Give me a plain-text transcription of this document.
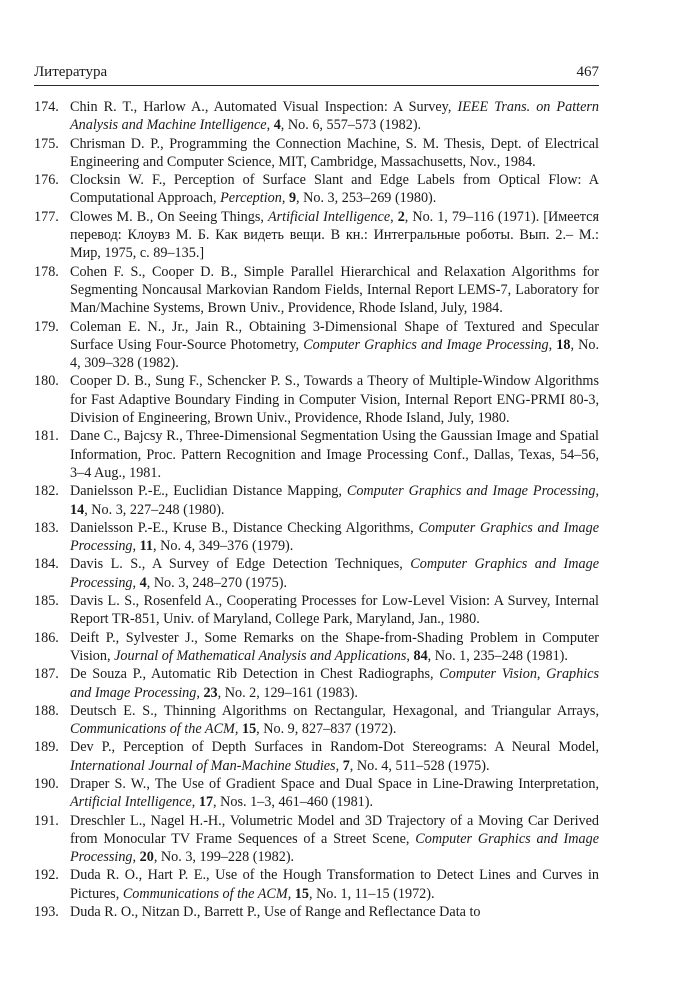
Литература	467

174. Chin R. T., Harlow A., Automated Visual Inspection: A Survey, IEEE Trans. on Pattern Analysis and Machine Intelligence, 4, No. 6, 557–573 (1982).

175. Chrisman D. P., Programming the Connection Machine, S. M. Thesis, Dept. of Electrical Engineering and Computer Science, MIT, Cambridge, Massachusetts, Nov., 1984.

176. Clocksin W. F., Perception of Surface Slant and Edge Labels from Optical Flow: A Computational Approach, Perception, 9, No. 3, 253–269 (1980).

177. Clowes M. B., On Seeing Things, Artificial Intelligence, 2, No. 1, 79–116 (1971). [Имеется перевод: Клоувз М. Б. Как видеть вещи. В кн.: Интегральные роботы. Вып. 2.– М.: Мир, 1975, с. 89–135.]

178. Cohen F. S., Cooper D. B., Simple Parallel Hierarchical and Relaxation Algorithms for Segmenting Noncausal Markovian Random Fields, Internal Report LEMS-7, Laboratory for Man/Machine Systems, Brown Univ., Providence, Rhode Island, July, 1984.

179. Coleman E. N., Jr., Jain R., Obtaining 3-Dimensional Shape of Textured and Specular Surface Using Four-Source Photometry, Computer Graphics and Image Processing, 18, No. 4, 309–328 (1982).

180. Cooper D. B., Sung F., Schencker P. S., Towards a Theory of Multiple-Window Algorithms for Fast Adaptive Boundary Finding in Computer Vision, Internal Report ENG-PRMI 80-3, Division of Engineering, Brown Univ., Providence, Rhode Island, July, 1980.

181. Dane C., Bajcsy R., Three-Dimensional Segmentation Using the Gaussian Image and Spatial Information, Proc. Pattern Recognition and Image Processing Conf., Dallas, Texas, 54–56, 3–4 Aug., 1981.

182. Danielsson P.-E., Euclidian Distance Mapping, Computer Graphics and Image Processing, 14, No. 3, 227–248 (1980).

183. Danielsson P.-E., Kruse B., Distance Checking Algorithms, Computer Graphics and Image Processing, 11, No. 4, 349–376 (1979).

184. Davis L. S., A Survey of Edge Detection Techniques, Computer Graphics and Image Processing, 4, No. 3, 248–270 (1975).

185. Davis L. S., Rosenfeld A., Cooperating Processes for Low-Level Vision: A Survey, Internal Report TR-851, Univ. of Maryland, College Park, Maryland, Jan., 1980.

186. Deift P., Sylvester J., Some Remarks on the Shape-from-Shading Problem in Computer Vision, Journal of Mathematical Analysis and Applications, 84, No. 1, 235–248 (1981).

187. De Souza P., Automatic Rib Detection in Chest Radiographs, Computer Vision, Graphics and Image Processing, 23, No. 2, 129–161 (1983).

188. Deutsch E. S., Thinning Algorithms on Rectangular, Hexagonal, and Triangular Arrays, Communications of the ACM, 15, No. 9, 827–837 (1972).

189. Dev P., Perception of Depth Surfaces in Random-Dot Stereograms: A Neural Model, International Journal of Man-Machine Studies, 7, No. 4, 511–528 (1975).

190. Draper S. W., The Use of Gradient Space and Dual Space in Line-Drawing Interpretation, Artificial Intelligence, 17, Nos. 1–3, 461–460 (1981).

191. Dreschler L., Nagel H.-H., Volumetric Model and 3D Trajectory of a Moving Car Derived from Monocular TV Frame Sequences of a Street Scene, Computer Graphics and Image Processing, 20, No. 3, 199–228 (1982).

192. Duda R. O., Hart P. E., Use of the Hough Transformation to Detect Lines and Curves in Pictures, Communications of the ACM, 15, No. 1, 11–15 (1972).

193. Duda R. O., Nitzan D., Barrett P., Use of Range and Reflectance Data to
